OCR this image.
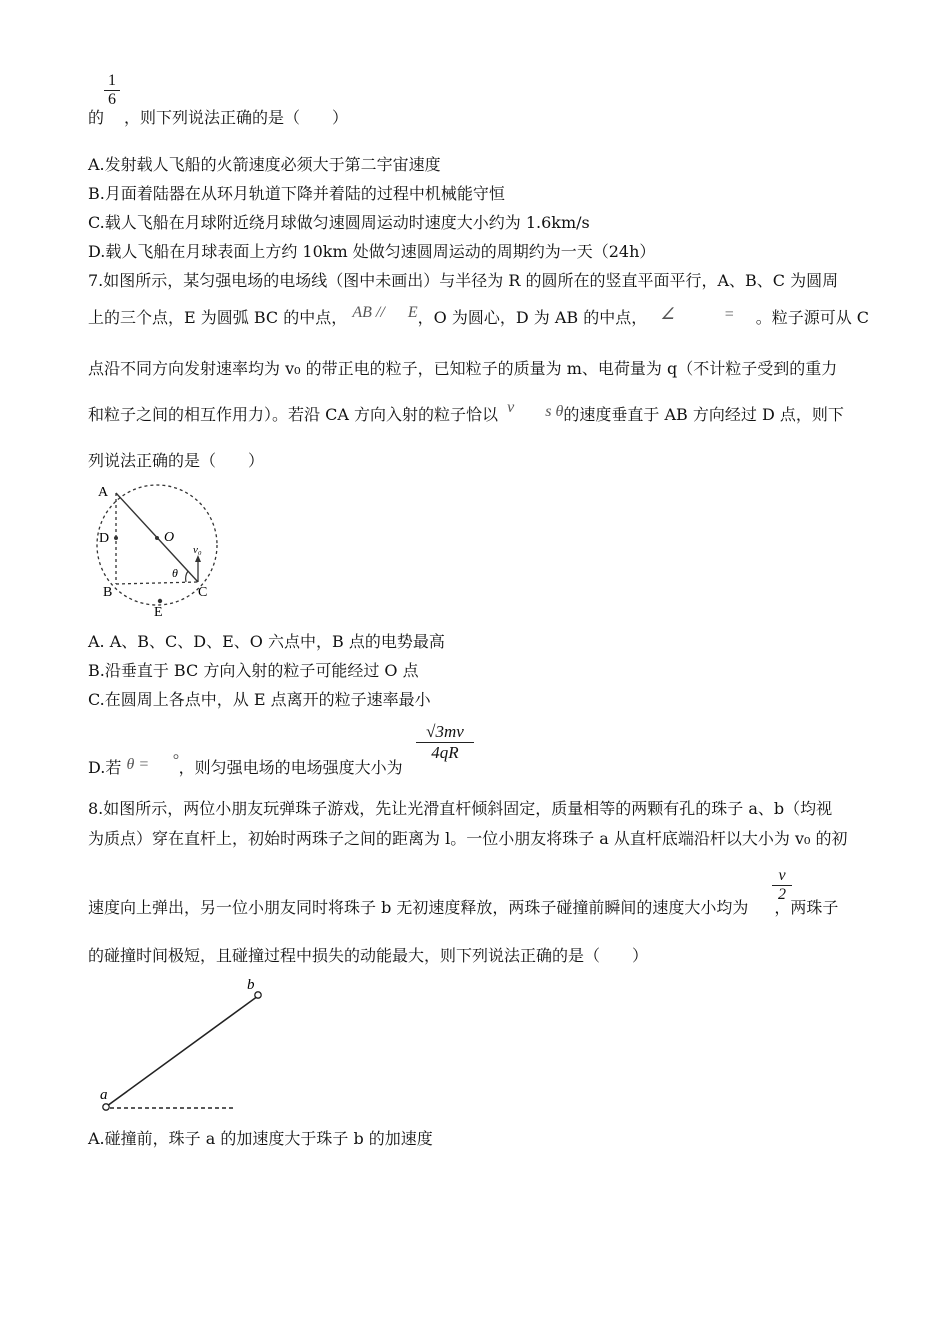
1
6
的 ，则下列说法正确的是（　　）
A.发射载人飞船的火箭速度必须大于第二宇宙速度
B.月面着陆器在从环月轨道下降并着陆的过程中机械能守恒
C.载人飞船在月球附近绕月球做匀速圆周运动时速度大小约为 1.6km/s
D.载人飞船在月球表面上方约 10km 处做匀速圆周运动的周期约为一天（24h）
7.如图所示，某匀强电场的电场线（图中未画出）与半径为 R 的圆所在的竖直平面平行，A、B、C 为圆周
上的三个点，E 为圆弧 BC 的中点， AB // E，O 为圆心，D 为 AB 的中点， ∠	= 。粒子源可从 C
点沿不同方向发射速率均为 v₀ 的带正电的粒子，已知粒子的质量为 m、电荷量为 q（不计粒子受到的重力
和粒子之间的相互作用力）。若沿 CA 方向入射的粒子恰以 v s θ的速度垂直于 AB 方向经过 D 点，则下
列说法正确的是（　　）
A
D
B	C
E
O
v₀
θ
A. A、B、C、D、E、O 六点中，B 点的电势最高
B.沿垂直于 BC 方向入射的粒子可能经过 O 点
C.在圆周上各点中，从 E 点离开的粒子速率最小
D.若 θ = °，则匀强电场的电场强度大小为
√3mv
4qR
8.如图所示，两位小朋友玩弹珠子游戏，先让光滑直杆倾斜固定，质量相等的两颗有孔的珠子 a、b（均视
为质点）穿在直杆上，初始时两珠子之间的距离为 l。一位小朋友将珠子 a 从直杆底端沿杆以大小为 v₀ 的初
速度向上弹出，另一位小朋友同时将珠子 b 无初速度释放，两珠子碰撞前瞬间的速度大小均为 ，两珠子
v
2
的碰撞时间极短，且碰撞过程中损失的动能最大，则下列说法正确的是（　　）
a
b
A.碰撞前，珠子 a 的加速度大于珠子 b 的加速度
